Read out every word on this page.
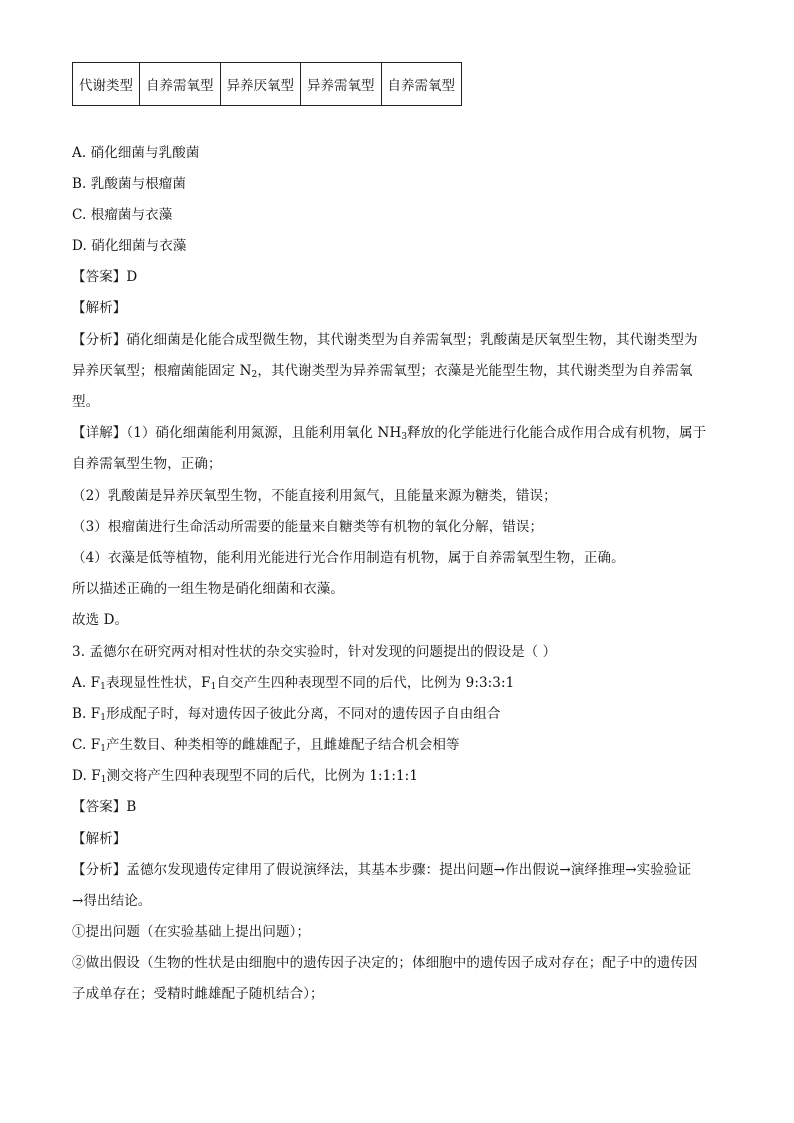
代谢类型	自养需氧型	异养厌氧型	异养需氧型	自养需氧型
A. 硝化细菌与乳酸菌
B. 乳酸菌与根瘤菌
C. 根瘤菌与衣藻
D. 硝化细菌与衣藻
【答案】D
【解析】
【分析】硝化细菌是化能合成型微生物，其代谢类型为自养需氧型；乳酸菌是厌氧型生物，其代谢类型为
异养厌氧型；根瘤菌能固定 $N_2$，其代谢类型为异养需氧型；衣藻是光能型生物，其代谢类型为自养需氧
型。
【详解】（1）硝化细菌能利用氮源，且能利用氧化 $NH_3$释放的化学能进行化能合成作用合成有机物，属于
自养需氧型生物，正确；
（2）乳酸菌是异养厌氧型生物，不能直接利用氮气，且能量来源为糖类，错误；
（3）根瘤菌进行生命活动所需要的能量来自糖类等有机物的氧化分解，错误；
（4）衣藻是低等植物，能利用光能进行光合作用制造有机物，属于自养需氧型生物，正确。
所以描述正确的一组生物是硝化细菌和衣藻。
故选 D。
3. 孟德尔在研究两对相对性状的杂交实验时，针对发现的问题提出的假设是（ ）
A. $F_1$表现显性性状，$F_1$自交产生四种表现型不同的后代，比例为 9:3:3:1
B. $F_1$形成配子时，每对遗传因子彼此分离，不同对的遗传因子自由组合
C. $F_1$产生数目、种类相等的雌雄配子，且雌雄配子结合机会相等
D. $F_1$测交将产生四种表现型不同的后代，比例为 1:1:1:1
【答案】B
【解析】
【分析】孟德尔发现遗传定律用了假说演绎法，其基本步骤：提出问题→作出假说→演绎推理→实验验证
→得出结论。
①提出问题（在实验基础上提出问题）；
②做出假设（生物的性状是由细胞中的遗传因子决定的；体细胞中的遗传因子成对存在；配子中的遗传因
子成单存在；受精时雌雄配子随机结合）；
